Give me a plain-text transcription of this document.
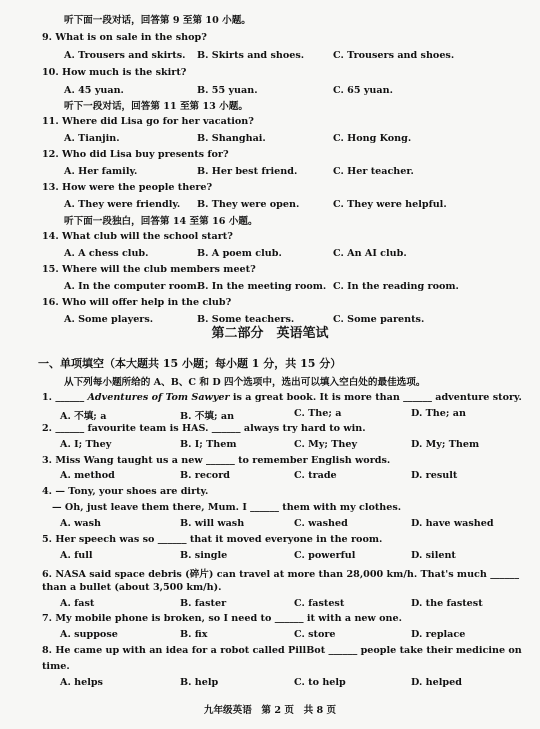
听下面一段对话，回答第 9 至第 10 小题。
9. What is on sale in the shop?
A. Trousers and skirts. B. Skirts and shoes.	C. Trousers and shoes.
10. How much is the skirt?
A. 45 yuan.	B. 55 yuan.	C. 65 yuan.
听下一段对话，回答第 11 至第 13 小题。
11. Where did Lisa go for her vacation?
A. Tianjin.	B. Shanghai.	C. Hong Kong.
12. Who did Lisa buy presents for?
A. Her family.	B. Her best friend.	C. Her teacher.
13. How were the people there?
A. They were friendly. B. They were open.	C. They were helpful.
听下面一段独白，回答第 14 至第 16 小题。
14. What club will the school start?
A. A chess club.	B. A poem club.	C. An AI club.
15. Where will the club members meet?
A. In the computer room.
B. In the meeting room. C. In the reading room.
16. Who will offer help in the club?
A. Some players.	B. Some teachers.	C. Some parents.
第二部分　英语笔试
一、单项填空（本大题共 15 小题；每小题 1 分，共 15 分）
从下列每小题所给的 A、B、C 和 D 四个选项中，选出可以填入空白处的最佳选项。
1. ______ Adventures of Tom Sawyer is a great book. It is more than ______ adventure story.
A. 不填; a	B. 不填; an	C. The; a	D. The; an
2. ______ favourite team is HAS. ______ always try hard to win.
A. I; They	B. I; Them	C. My; They	D. My; Them
3. Miss Wang taught us a new ______ to remember English words.
A. method	B. record	C. trade	D. result
4. — Tony, your shoes are dirty.
— Oh, just leave them there, Mum. I ______ them with my clothes.
A. wash	B. will wash	C. washed	D. have washed
5. Her speech was so ______ that it moved everyone in the room.
A. full	B. single	C. powerful	D. silent
6. NASA said space debris (碎片) can travel at more than 28,000 km/h. That's much ______
than a bullet (about 3,500 km/h).
A. fast	B. faster	C. fastest	D. the fastest
7. My mobile phone is broken, so I need to ______ it with a new one.
A. suppose	B. fix	C. store	D. replace
8. He came up with an idea for a robot called PillBot ______ people take their medicine on
time.
A. helps	B. help	C. to help	D. helped
九年级英语　第 2 页　共 8 页
